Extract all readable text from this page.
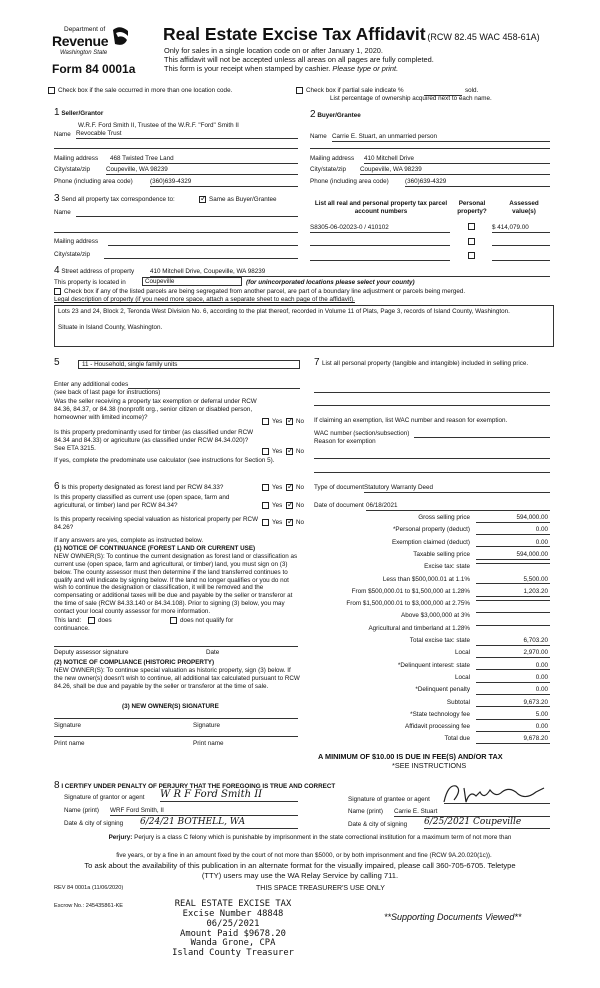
Department of
Revenue
Washington State
Form 84 0001a
Real Estate Excise Tax Affidavit (RCW 82.45 WAC 458-61A)
Only for sales in a single location code on or after January 1, 2020.
This affidavit will not be accepted unless all areas on all pages are fully completed.
This form is your receipt when stamped by cashier. Please type or print.
Check box if the sale occurred in more than one location code.	Check box if partial sale indicate %	sold.
List percentage of ownership acquired next to each name.
1 Seller/Grantor
W.R.F. Ford Smith II, Trustee of the W.R.F. "Ford" Smith II
Name Revocable Trust
Mailing address 468 Twisted Tree Land
City/state/zip	Coupeville, WA 98239
Phone (including area code)	(360)639-4329
2 Buyer/Grantee
Name Carrie E. Stuart, an unmarried person
Mailing address 410 Mitchell Drive
City/state/zip Coupeville, WA 98239
Phone (including area code)	(360)639-4329
3 Send all property tax correspondence to: ✓	Same as Buyer/Grantee
Name
Mailing address
City/state/zip
List all real and personal property tax parcel account numbers
Personal property?
Assessed value(s)
S8305-06-02023-0 / 410102	$ 414,079.00
4 Street address of property	410 Mitchell Drive, Coupeville, WA 98239
This property is located in	Coupeville	(for unincorporated locations please select your county)
Check box if any of the listed parcels are being segregated from another parcel, are part of a boundary line adjustment or parcels being merged.
Legal description of property (if you need more space, attach a separate sheet to each page of the affidavit).
Lots 23 and 24, Block 2, Teronda West Division No. 6, according to the plat thereof, recorded in Volume 11 of Plats, Page 3, records of Island County, Washington.
Situate in Island County, Washington.
5	11 - Household, single family units
Enter any additional codes
(see back of last page for instructions)
Was the seller receiving a property tax exemption or deferral under RCW 84.36, 84.37, or 84.38 (nonprofit org., senior citizen or disabled person, homeowner with limited income)?
Yes ✓ No
Is this property predominantly used for timber (as classified under RCW 84.34 and 84.33) or agriculture (as classified under RCW 84.34.020)? See ETA 3215.	Yes ✓ No
If yes, complete the predominate use calculator (see instructions for Section 5).
7 List all personal property (tangible and intangible) included in selling price.
If claiming an exemption, list WAC number and reason for exemption.
WAC number (section/subsection)
Reason for exemption
6 Is this property designated as forest land per RCW 84.33?	Yes ✓ No
Is this property classified as current use (open space, farm and agricultural, or timber) land per RCW 84.34?	Yes ✓ No
Is this property receiving special valuation as historical property per RCW 84.26?
Yes ✓ No
If any answers are yes, complete as instructed below.
(1) NOTICE OF CONTINUANCE (FOREST LAND OR CURRENT USE)
NEW OWNER(S): To continue the current designation as forest land or classification as current use (open space, farm and agricultural, or timber) land, you must sign on (3) below. The county assessor must then determine if the land transferred continues to qualify and will indicate by signing below. If the land no longer qualifies or you do not wish to continue the designation or classification, it will be removed and the compensating or additional taxes will be due and payable by the seller or transferor at the time of sale (RCW 84.33.140 or 84.34.108). Prior to signing (3) below, you may contact your local county assessor for more information.
This land:	does	does not qualify for
continuance.
Deputy assessor signature	Date
(2) NOTICE OF COMPLIANCE (HISTORIC PROPERTY)
NEW OWNER(S): To continue special valuation as historic property, sign (3) below. If the new owner(s) doesn't wish to continue, all additional tax calculated pursuant to RCW 84.26, shall be due and payable by the seller or transferor at the time of sale.
(3) NEW OWNER(S) SIGNATURE
Signature	Signature
Print name	Print name
Type of document Statutory Warranty Deed
Date of document 06/18/2021
Gross selling price	594,000.00
*Personal property (deduct)	0.00
Exemption claimed (deduct)	0.00
Taxable selling price	594,000.00
Excise tax: state
Less than $500,000.01 at 1.1%	5,500.00
From $500,000.01 to $1,500,000 at 1.28%	1,203.20
From $1,500,000.01 to $3,000,000 at 2.75%
Above $3,000,000 at 3%
Agricultural and timberland at 1.28%
Total excise tax: state	6,703.20
Local	2,970.00
*Delinquent interest: state	0.00
Local	0.00
*Delinquent penalty	0.00
Subtotal	9,673.20
*State technology fee	5.00
Affidavit processing fee	0.00
Total due	9,678.20
A MINIMUM OF $10.00 IS DUE IN FEE(S) AND/OR TAX
*SEE INSTRUCTIONS
8 I CERTIFY UNDER PENALTY OF PERJURY THAT THE FOREGOING IS TRUE AND CORRECT
Signature of grantor or agent W R F Ford Smith II
Name (print) WRF Ford Smith, II
Date & city of signing 6/24/21 BOTHELL, WA
Signature of grantee or agent
Name (print) Carrie E. Stuart
Date & city of signing 6/25/2021 Coupeville
Perjury: Perjury is a class C felony which is punishable by imprisonment in the state correctional institution for a maximum term of not more than
five years, or by a fine in an amount fixed by the court of not more than $5000, or by both imprisonment and fine (RCW 9A.20.020(1c)).
To ask about the availability of this publication in an alternate format for the visually impaired, please call 360-705-6705. Teletype
(TTY) users may use the WA Relay Service by calling 711.
REV 84 0001a (11/06/2020)	THIS SPACE TREASURER'S USE ONLY
Escrow No.: 245435861-KE	REAL ESTATE EXCISE TAX
Excise Number 48848
06/25/2021
Amount Paid $9678.20
Wanda Grone, CPA
Island County Treasurer
**Supporting Documents Viewed**
